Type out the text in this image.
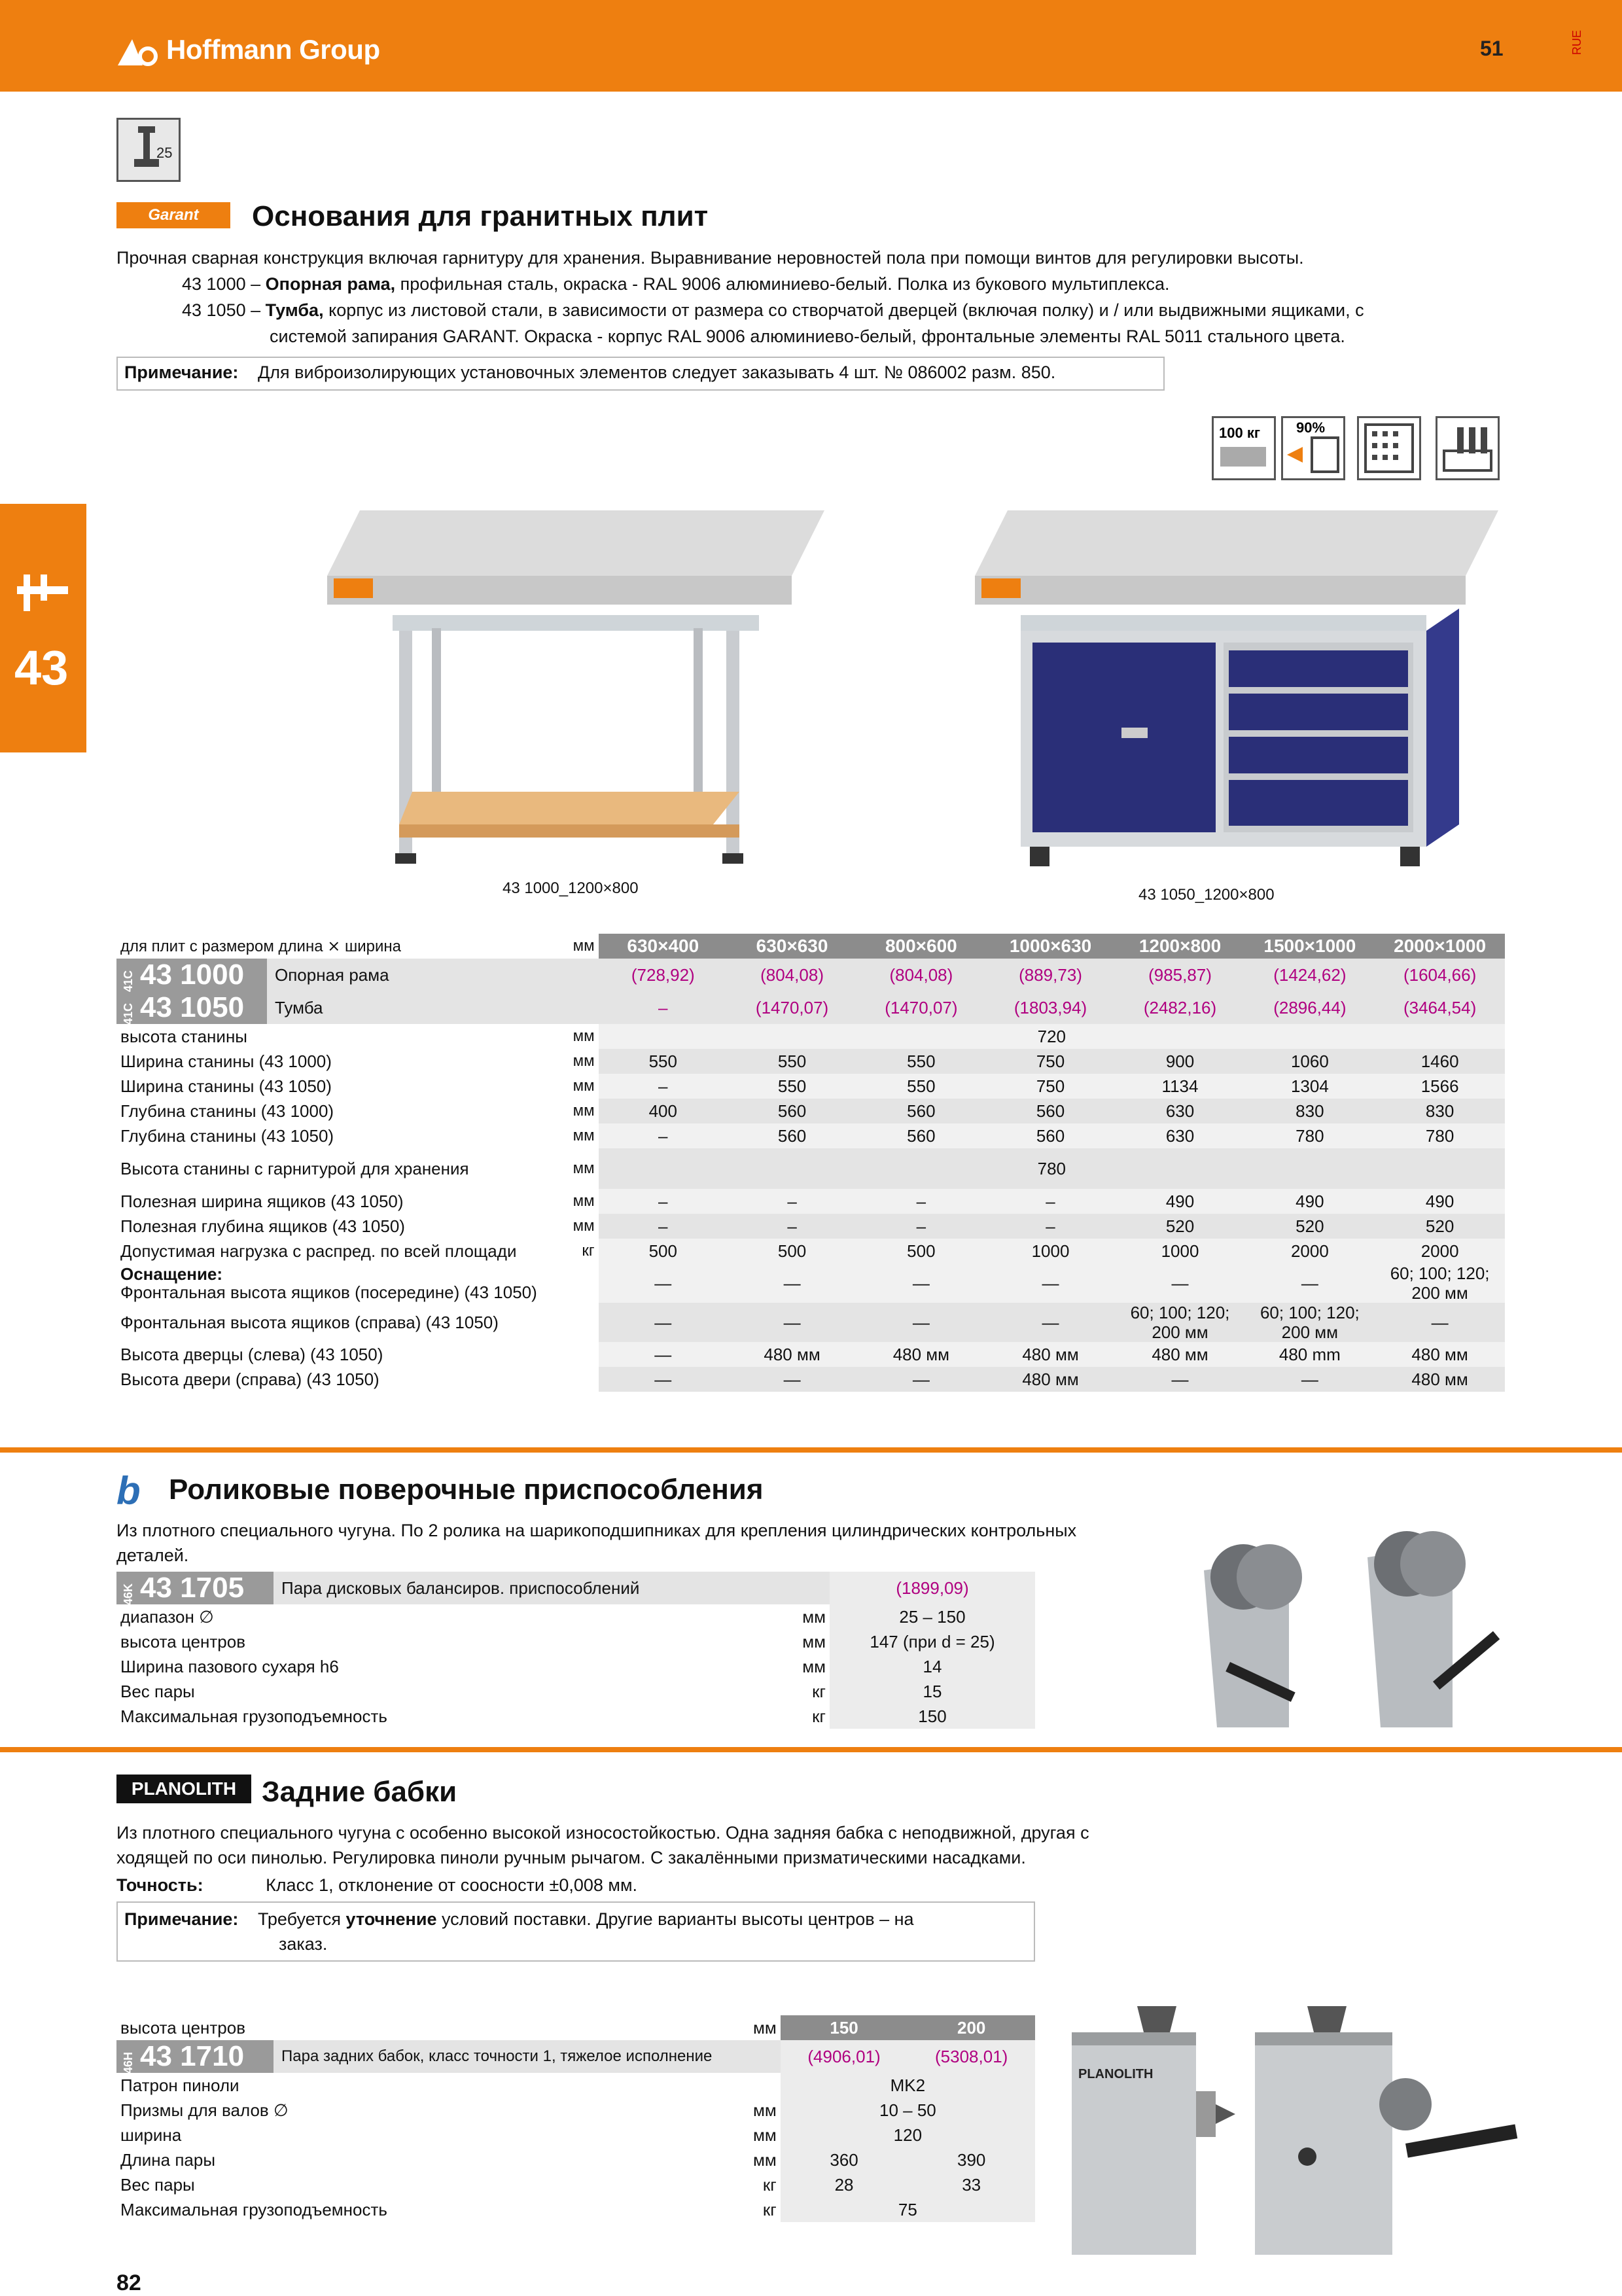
Hoffmann Group	51	RUE
43
25
Garant	Основания для гранитных плит
Прочная сварная конструкция включая гарнитуру для хранения. Выравнивание неровностей пола при помощи винтов для регулировки высоты.
43 1000 – Опорная рама, профильная сталь, окраска - RAL 9006 алюминиево-белый. Полка из букового мультиплекса.
43 1050 – Тумба, корпус из листовой стали, в зависимости от размера со створчатой дверцей (включая полку) и / или выдвижными ящиками, с
системой запирания GARANT. Окраска - корпус RAL 9006 алюминиево-белый, фронтальные элементы RAL 5011 стального цвета.
Примечание: Для виброизолирующих установочных элементов следует заказывать 4 шт. № 086002 разм. 850.
100 кг	90%
43 1000_1200×800	43 1050_1200×800
для плит с размером длина ⨯ ширина	мм	630×400	630×630	800×600	1000×630	1200×800	1500×1000	2000×1000

41C 43 1000 Опорная рама		(728,92)	(804,08)	(804,08)	(889,73)	(985,87)	(1424,62)	(1604,66)

41C 43 1050 Тумба		–	(1470,07)	(1470,07)	(1803,94)	(2482,16)	(2896,44)	(3464,54)
высота станины	мм	720						
Ширина станины (43 1000)	мм	550	550	550	750	900	1060	1460
Ширина станины (43 1050)	мм	–	550	550	750	1134	1304	1566
Глубина станины (43 1000)	мм	400	560	560	560	630	830	830
Глубина станины (43 1050)	мм	–	560	560	560	630	780	780
Высота станины с гарнитурой для хранения	мм	780						
Полезная ширина ящиков (43 1050)	мм	–	–	–	–	490	490	490
Полезная глубина ящиков (43 1050)	мм	–	–	–	–	520	520	520
Допустимая нагрузка с распред. по всей площади	кг	500	500	500	1000	1000	2000	2000
Оснащение:
Фронтальная высота ящиков (посередине) (43 1050)		—	—	—	—	—	—	60; 100; 120; 200 мм
Фронтальная высота ящиков (справа) (43 1050)		—	—	—	—	60; 100; 120; 200 мм	60; 100; 120; 200 мм	—
Высота дверцы (слева) (43 1050)		—	480 мм	480 мм	480 мм	480 мм	480 mm	480 мм
Высота двери (справа) (43 1050)		—	—	—	480 мм	—	—	480 мм
b Роликовые поверочные приспособления
Из плотного специального чугуна. По 2 ролика на шарикоподшипниках для крепления цилиндрических контрольных
деталей.
46K 43 1705 Пара дисковых балансиров. приспособлений		(1899,09)
диапазон ∅	мм	25 – 150
высота центров	мм	147 (при d = 25)
Ширина пазового сухаря h6	мм	14
Вес пары	кг	15
Максимальная грузоподъемность	кг	150
PLANOLITH Задние бабки
Из плотного специального чугуна с особенно высокой износостойкостью. Одна задняя бабка с неподвижной, другая с
ходящей по оси пинолью. Регулировка пиноли ручным рычагом. С закалёнными призматическими насадками.
Точность:	Класс 1, отклонение от соосности ±0,008 мм.
Примечание: Требуется уточнение условий поставки. Другие варианты высоты центров – на
заказ.
высота центров	мм	150	200

46H 43 1710 Пара задних бабок, класс точности 1, тяжелое исполнение		(4906,01)	(5308,01)
Патрон пиноли		MK2	
Призмы для валов ∅	мм	10 – 50	
ширина	мм	120	
Длина пары	мм	360	390
Вес пары	кг	28	33
Максимальная грузоподъемность	кг	75	
PLANOLITH
82
